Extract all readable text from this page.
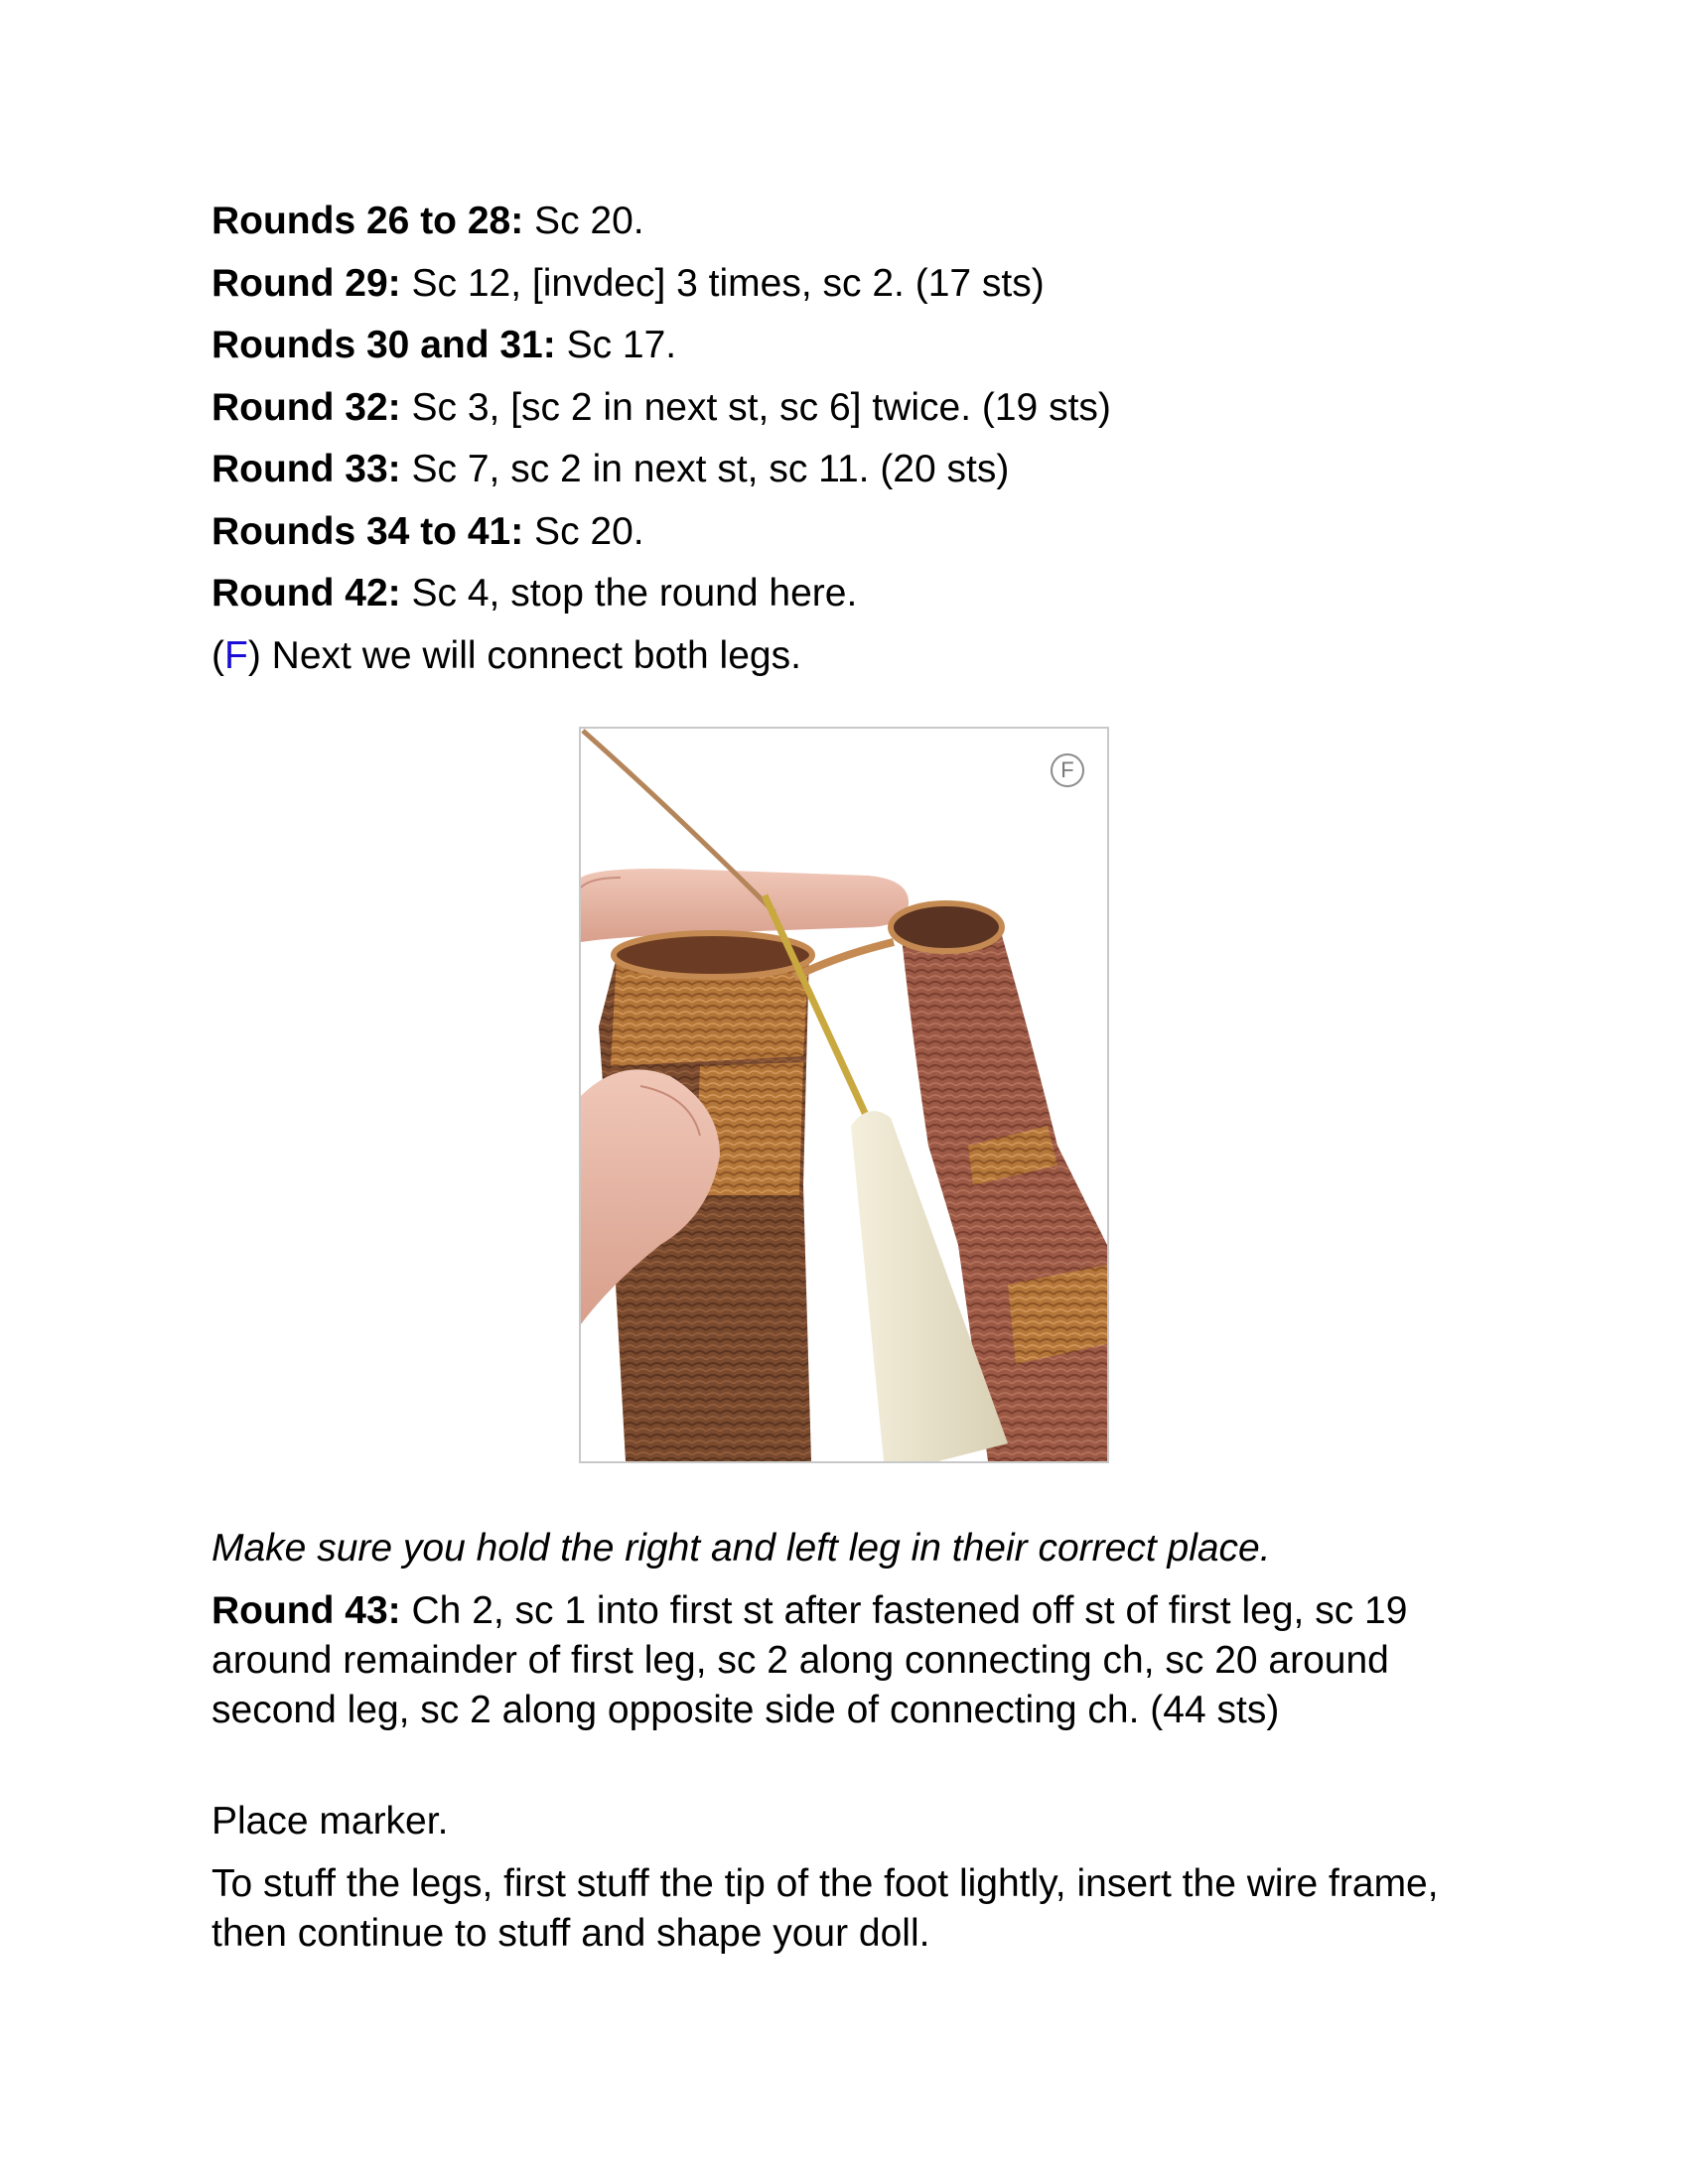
Rounds 26 to 28: Sc 20.
Round 29: Sc 12, [invdec] 3 times, sc 2. (17 sts)
Rounds 30 and 31: Sc 17.
Round 32: Sc 3, [sc 2 in next st, sc 6] twice. (19 sts)
Round 33: Sc 7, sc 2 in next st, sc 11. (20 sts)
Rounds 34 to 41: Sc 20.
Round 42: Sc 4, stop the round here.
(F) Next we will connect both legs.
F
Make sure you hold the right and left leg in their correct place.
Round 43: Ch 2, sc 1 into first st after fastened off st of first leg, sc 19 around remainder of first leg, sc 2 along connecting ch, sc 20 around second leg, sc 2 along opposite side of connecting ch. (44 sts)
Place marker.
To stuff the legs, first stuff the tip of the foot lightly, insert the wire frame, then continue to stuff and shape your doll.
